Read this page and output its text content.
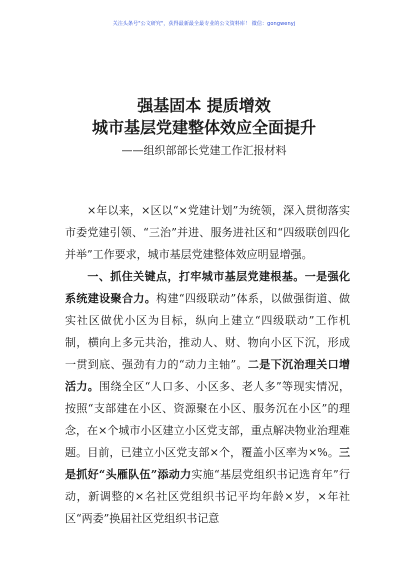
关注头条号"公文研究"，获得最新最全最专业的公文资料库！ 微信：gongwenyj
强基固本 提质增效
城市基层党建整体效应全面提升
——组织部部长党建工作汇报材料

×年以来，×区以“×党建计划”为统领，深入贯彻落实市委党建引领、“三治”并进、服务进社区和“四级联创四化并举”工作要求，城市基层党建整体效应明显增强。

一、抓住关键点，打牢城市基层党建根基。一是强化系统建设聚合力。构建“四级联动”体系，以做强街道、做实社区做优小区为目标，纵向上建立“四级联动”工作机制，横向上多元共治，推动人、财、物向小区下沉，形成一贯到底、强劲有力的“动力主轴”。二是下沉治理关口增活力。围绕全区“人口多、小区多、老人多”等现实情况，按照“支部建在小区、资源聚在小区、服务沉在小区”的理念，在×个城市小区建立小区党支部，重点解决物业治理难题。目前，已建立小区党支部×个，覆盖小区率为×%。三是抓好“头雁队伍”添动力实施“基层党组织书记选育年”行动，新调整的×名社区党组织书记平均年龄×岁，×年社区“两委”换届社区党组织书记意
